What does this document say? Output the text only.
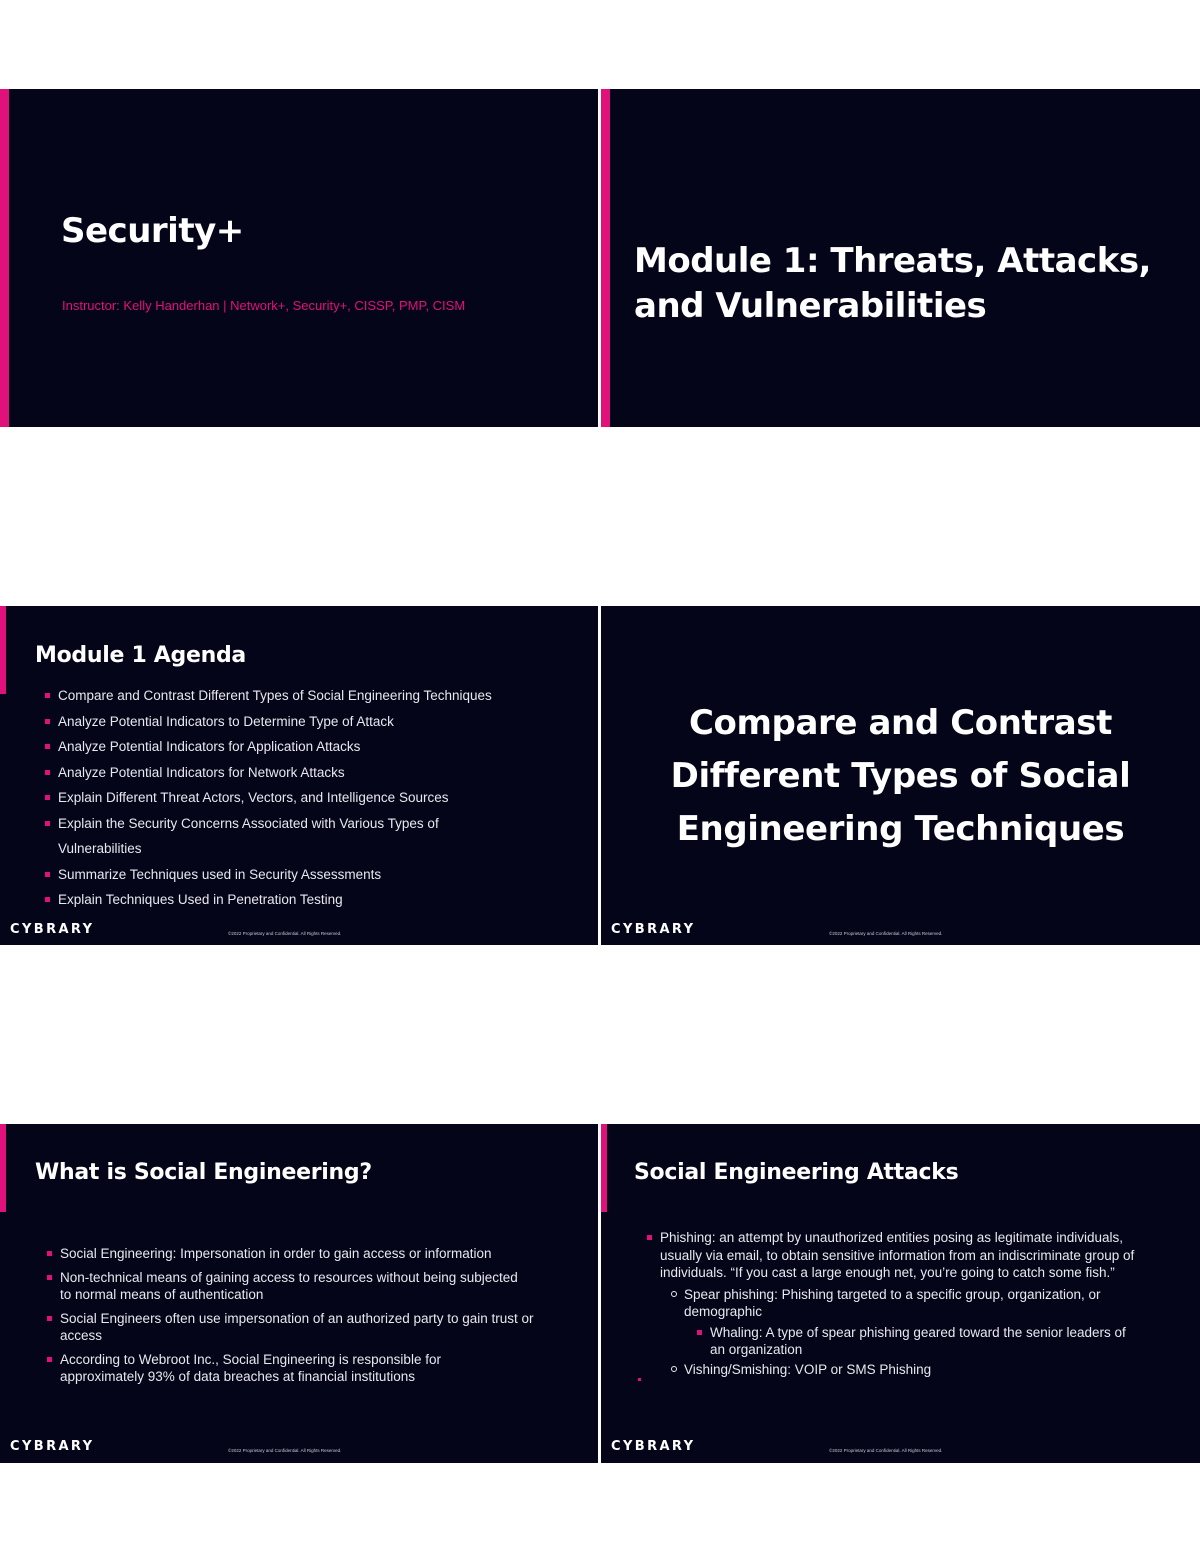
Security+
Instructor: Kelly Handerhan | Network+, Security+, CISSP, PMP, CISM
Module 1: Threats, Attacks,
and Vulnerabilities
Module 1 Agenda
Compare and Contrast Different Types of Social Engineering Techniques
Analyze Potential Indicators to Determine Type of Attack
Analyze Potential Indicators for Application Attacks
Analyze Potential Indicators for Network Attacks
Explain Different Threat Actors, Vectors, and Intelligence Sources
Explain the Security Concerns Associated with Various Types of Vulnerabilities
Summarize Techniques used in Security Assessments
Explain Techniques Used in Penetration Testing
CYBRARY	©2022 Proprietary and Confidential. All Rights Reserved.
Compare and Contrast
Different Types of Social
Engineering Techniques
CYBRARY	©2022 Proprietary and Confidential. All Rights Reserved.
What is Social Engineering?
Social Engineering: Impersonation in order to gain access or information
Non-technical means of gaining access to resources without being subjected to normal means of authentication
Social Engineers often use impersonation of an authorized party to gain trust or access
According to Webroot Inc., Social Engineering is responsible for approximately 93% of data breaches at financial institutions
CYBRARY	©2022 Proprietary and Confidential. All Rights Reserved.
Social Engineering Attacks
Phishing: an attempt by unauthorized entities posing as legitimate individuals, usually via email, to obtain sensitive information from an indiscriminate group of individuals. “If you cast a large enough net, you’re going to catch some fish.”
Spear phishing: Phishing targeted to a specific group, organization, or demographic
Whaling: A type of spear phishing geared toward the senior leaders of an organization
Vishing/Smishing: VOIP or SMS Phishing
CYBRARY	©2022 Proprietary and Confidential. All Rights Reserved.
